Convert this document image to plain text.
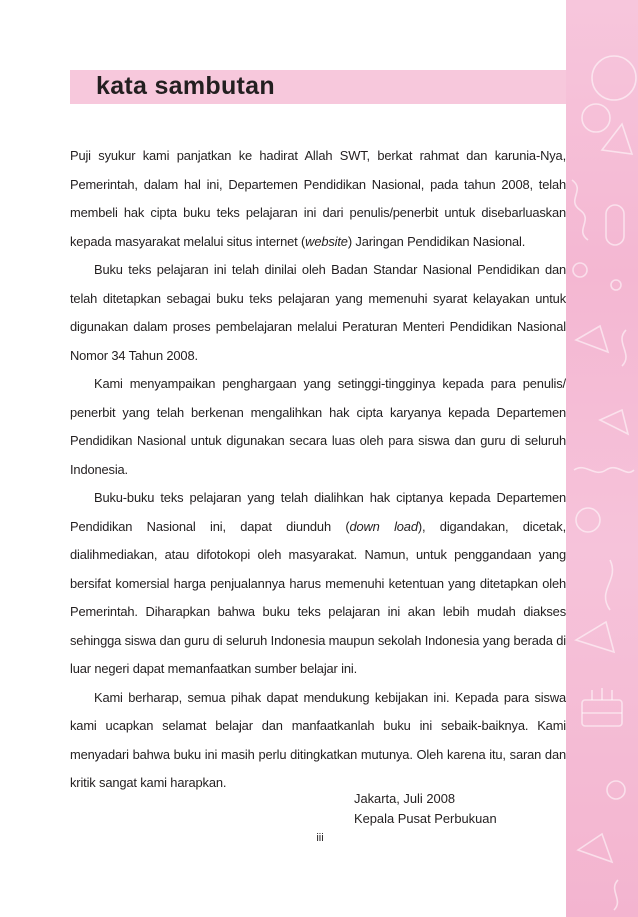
kata sambutan

Puji syukur kami panjatkan ke hadirat Allah SWT, berkat rahmat dan karunia-Nya, Pemerintah, dalam hal ini, Departemen Pendidikan Nasional, pada tahun 2008, telah membeli hak cipta buku teks pelajaran ini dari penulis/penerbit untuk disebarluaskan kepada masyarakat melalui situs internet (website) Jaringan Pendidikan Nasional.

Buku teks pelajaran ini telah dinilai oleh Badan Standar Nasional Pendidikan dan telah ditetapkan sebagai buku teks pelajaran yang memenuhi syarat kelayakan untuk digunakan dalam proses pembelajaran melalui Peraturan Menteri Pendidikan Nasional Nomor 34 Tahun 2008.

Kami menyampaikan penghargaan yang setinggi-tingginya kepada para penulis/ penerbit yang telah berkenan mengalihkan hak cipta karyanya kepada Departemen Pendidikan Nasional untuk digunakan secara luas oleh para siswa dan guru di seluruh Indonesia.

Buku-buku teks pelajaran yang telah dialihkan hak ciptanya kepada Departemen Pendidikan Nasional ini, dapat diunduh (down load), digandakan, dicetak, dialihmediakan, atau difotokopi oleh masyarakat. Namun, untuk penggandaan yang bersifat komersial harga penjualannya harus memenuhi ketentuan yang ditetapkan oleh Pemerintah. Diharapkan bahwa buku teks pelajaran ini akan lebih mudah diakses sehingga siswa dan guru di seluruh Indonesia maupun sekolah Indonesia yang berada di luar negeri dapat memanfaatkan sumber belajar ini.

Kami berharap, semua pihak dapat mendukung kebijakan ini. Kepada para siswa kami ucapkan selamat belajar dan manfaatkanlah buku ini sebaik-baiknya. Kami menyadari bahwa buku ini masih perlu ditingkatkan mutunya. Oleh karena itu, saran dan kritik sangat kami harapkan.

Jakarta, Juli 2008
Kepala Pusat Perbukuan
iii
